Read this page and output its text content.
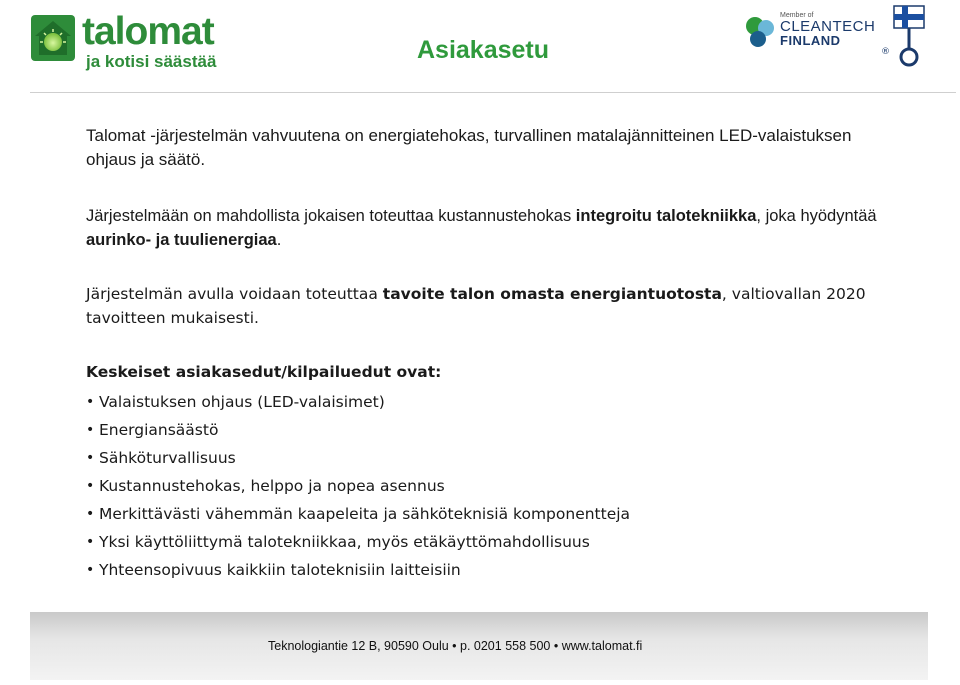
talomat
ja kotisi säästää	Asiakasetu
Member of
CLEANTECH
FINLAND
®

Talomat -järjestelmän vahvuutena on energiatehokas, turvallinen matalajännitteinen LED-valaistuksen ohjaus ja säätö.

Järjestelmään on mahdollista jokaisen toteuttaa kustannustehokas integroitu talotekniikka, joka hyödyntää aurinko- ja tuulienergiaa.

Järjestelmän avulla voidaan toteuttaa tavoite talon omasta energiantuotosta, valtiovallan 2020 tavoitteen mukaisesti.

Keskeiset asiakasedut/kilpailuedut ovat:

• Valaistuksen ohjaus (LED-valaisimet)
• Energiansäästö
• Sähköturvallisuus
• Kustannustehokas, helppo ja nopea asennus
• Merkittävästi vähemmän kaapeleita ja sähköteknisiä komponentteja
• Yksi käyttöliittymä talotekniikkaa, myös etäkäyttömahdollisuus
• Yhteensopivuus kaikkiin taloteknisiin laitteisiin
Teknologiantie 12 B, 90590 Oulu • p. 0201 558 500 • www.talomat.fi
